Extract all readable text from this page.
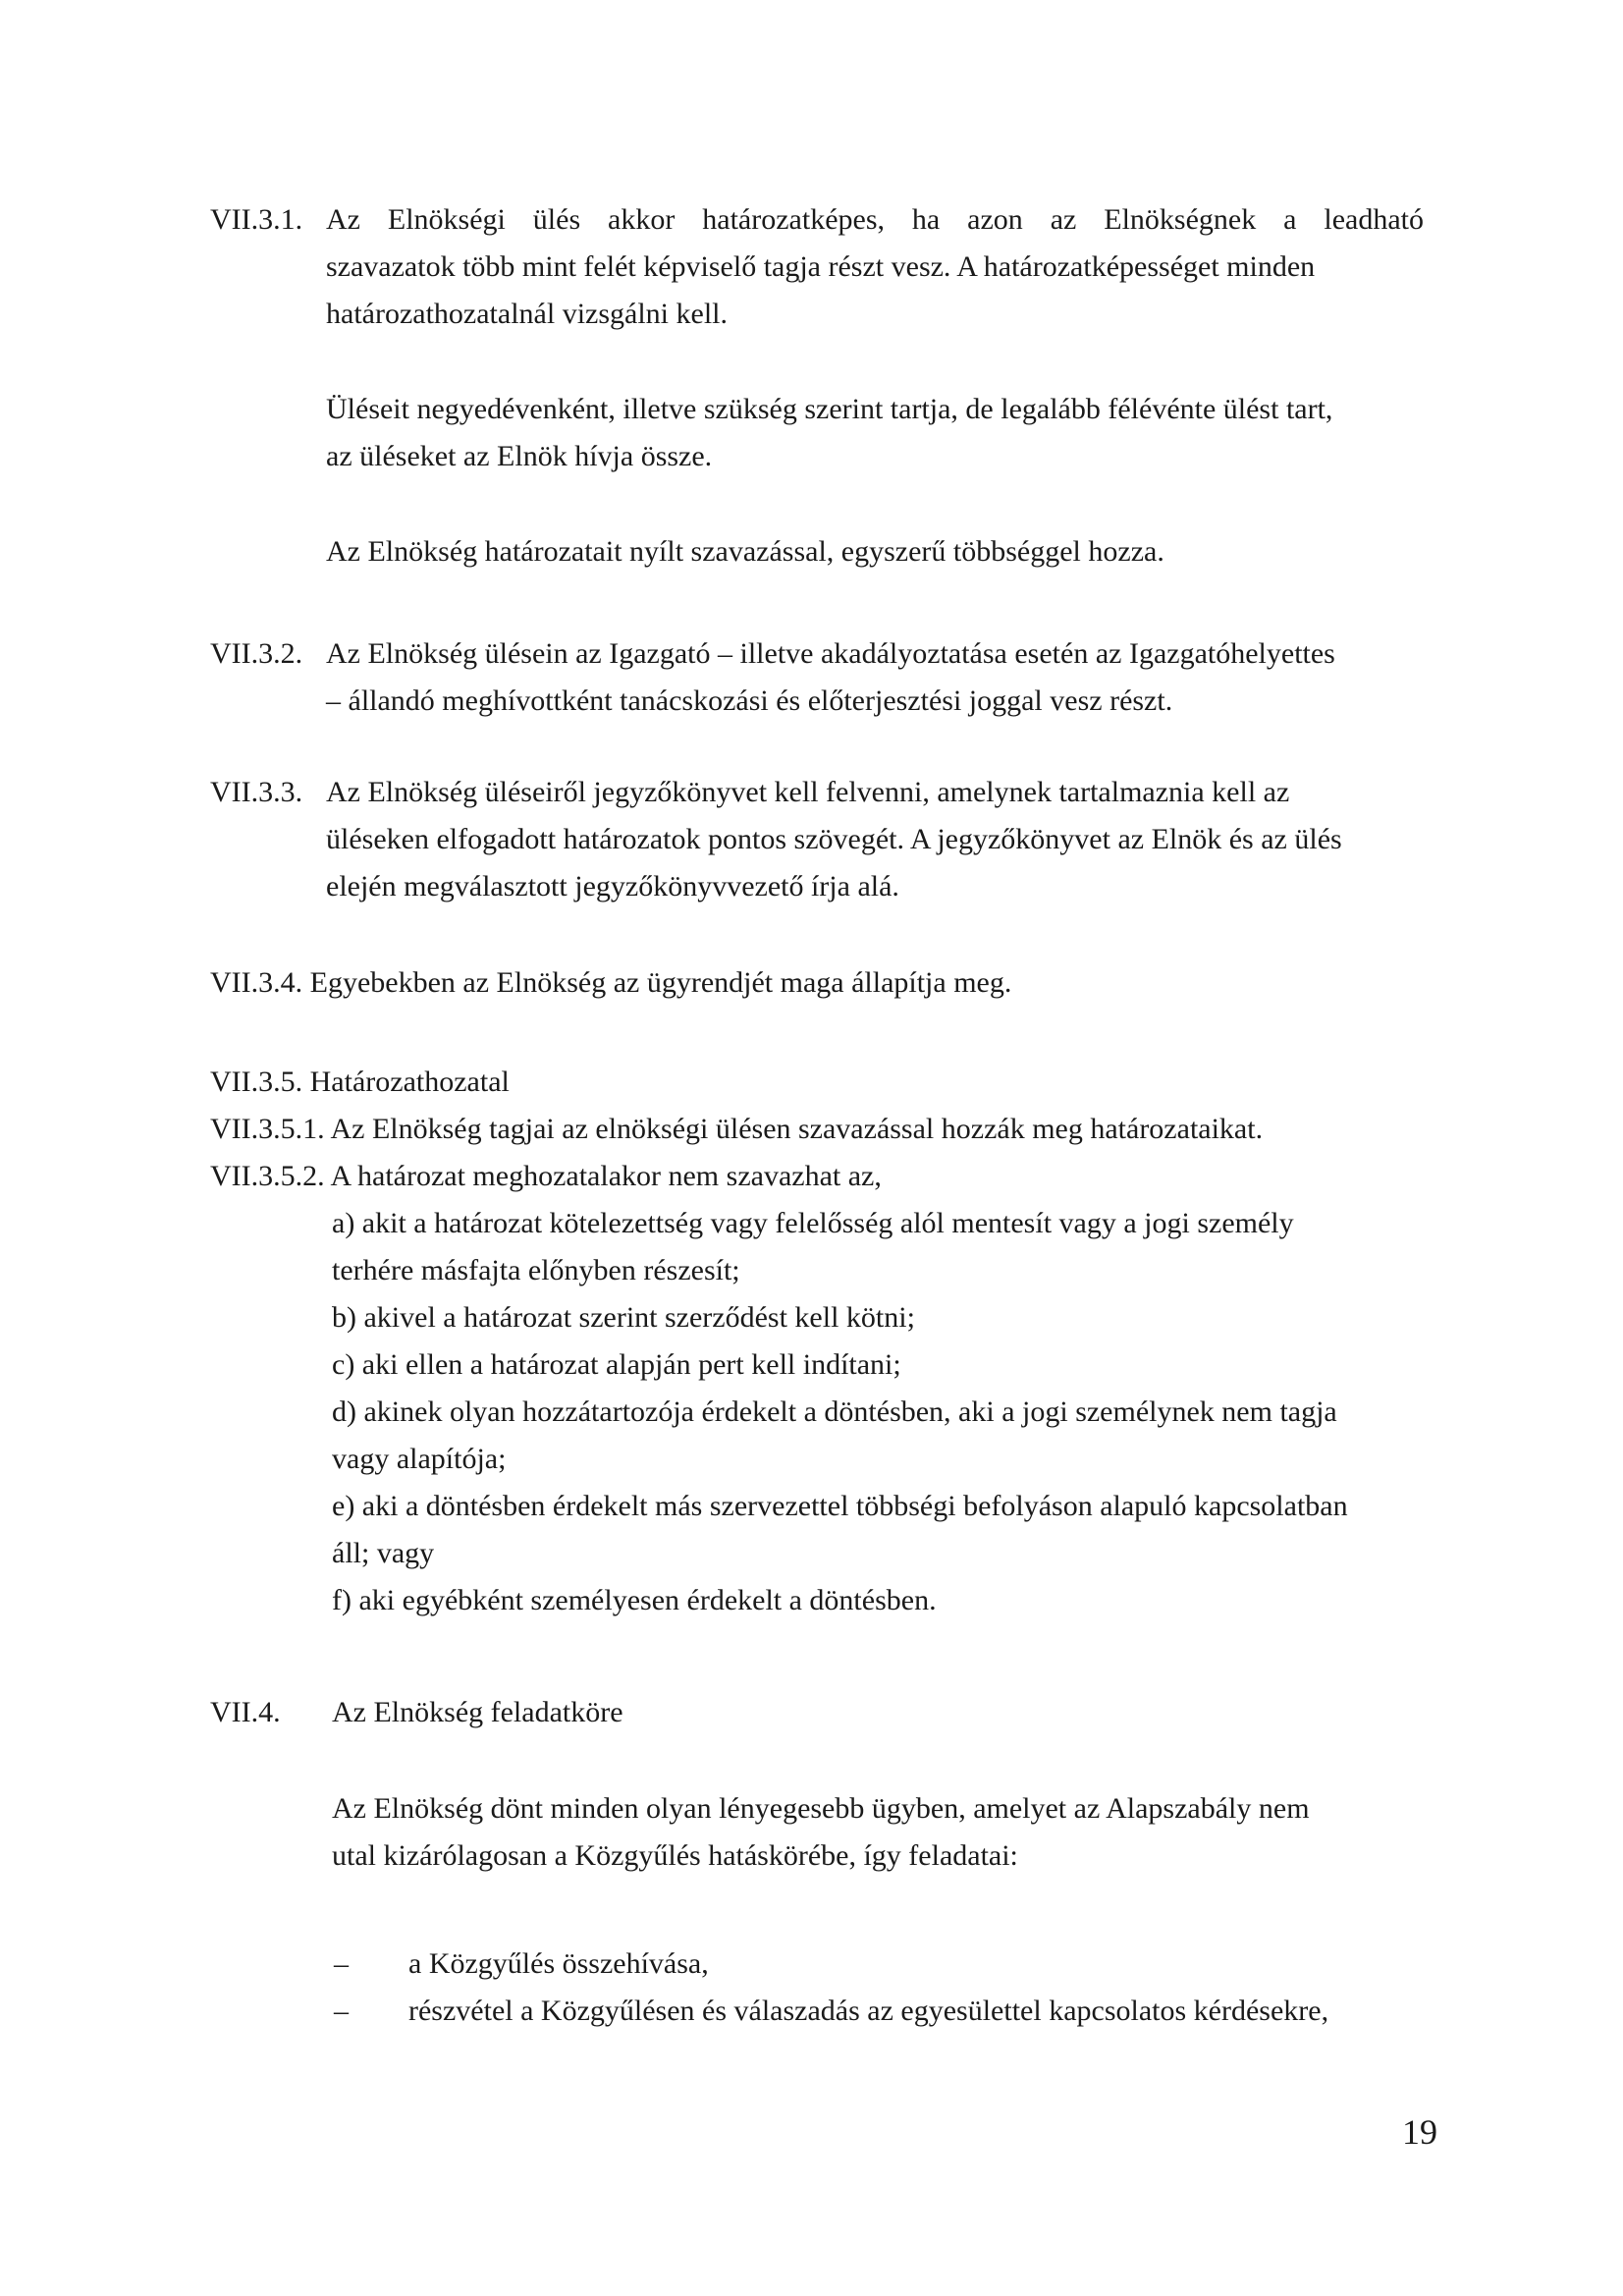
VII.3.1. Az Elnökségi ülés akkor határozatképes, ha azon az Elnökségnek a leadható
szavazatok több mint felét képviselő tagja részt vesz. A határozatképességet minden
határozathozatalnál vizsgálni kell.
Üléseit negyedévenként, illetve szükség szerint tartja, de legalább félévénte ülést tart,
az üléseket az Elnök hívja össze.
Az Elnökség határozatait nyílt szavazással, egyszerű többséggel hozza.
VII.3.2. Az Elnökség ülésein az Igazgató – illetve akadályoztatása esetén az Igazgatóhelyettes
– állandó meghívottként tanácskozási és előterjesztési joggal vesz részt.
VII.3.3. Az Elnökség üléseiről jegyzőkönyvet kell felvenni, amelynek tartalmaznia kell az
üléseken elfogadott határozatok pontos szövegét. A jegyzőkönyvet az Elnök és az ülés
elején megválasztott jegyzőkönyvvezető írja alá.
VII.3.4. Egyebekben az Elnökség az ügyrendjét maga állapítja meg.
VII.3.5. Határozathozatal
VII.3.5.1. Az Elnökség tagjai az elnökségi ülésen szavazással hozzák meg határozataikat.
VII.3.5.2. A határozat meghozatalakor nem szavazhat az,
a) akit a határozat kötelezettség vagy felelősség alól mentesít vagy a jogi személy
terhére másfajta előnyben részesít;
b) akivel a határozat szerint szerződést kell kötni;
c) aki ellen a határozat alapján pert kell indítani;
d) akinek olyan hozzátartozója érdekelt a döntésben, aki a jogi személynek nem tagja
vagy alapítója;
e) aki a döntésben érdekelt más szervezettel többségi befolyáson alapuló kapcsolatban
áll; vagy
f) aki egyébként személyesen érdekelt a döntésben.
VII.4. Az Elnökség feladatköre
Az Elnökség dönt minden olyan lényegesebb ügyben, amelyet az Alapszabály nem
utal kizárólagosan a Közgyűlés hatáskörébe, így feladatai:
– a Közgyűlés összehívása,
– részvétel a Közgyűlésen és válaszadás az egyesülettel kapcsolatos kérdésekre,
19
